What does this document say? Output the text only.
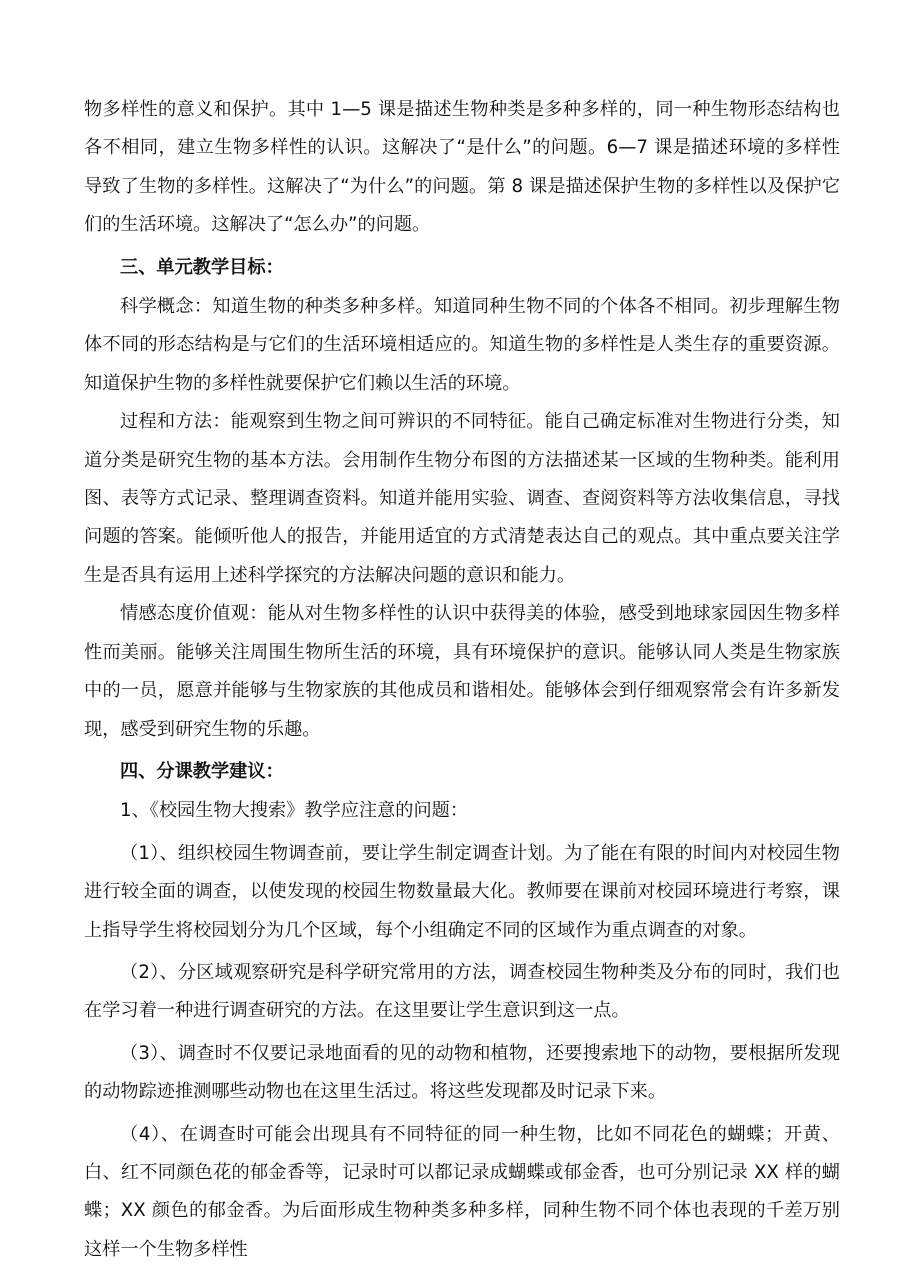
物多样性的意义和保护。其中 1—5 课是描述生物种类是多种多样的，同一种生物形态结构也各不相同，建立生物多样性的认识。这解决了“是什么”的问题。6—7 课是描述环境的多样性导致了生物的多样性。这解决了“为什么”的问题。第 8 课是描述保护生物的多样性以及保护它们的生活环境。这解决了“怎么办”的问题。

三、单元教学目标：

科学概念：知道生物的种类多种多样。知道同种生物不同的个体各不相同。初步理解生物体不同的形态结构是与它们的生活环境相适应的。知道生物的多样性是人类生存的重要资源。知道保护生物的多样性就要保护它们赖以生活的环境。

过程和方法：能观察到生物之间可辨识的不同特征。能自己确定标准对生物进行分类，知道分类是研究生物的基本方法。会用制作生物分布图的方法描述某一区域的生物种类。能利用图、表等方式记录、整理调查资料。知道并能用实验、调查、查阅资料等方法收集信息，寻找问题的答案。能倾听他人的报告，并能用适宜的方式清楚表达自己的观点。其中重点要关注学生是否具有运用上述科学探究的方法解决问题的意识和能力。

情感态度价值观：能从对生物多样性的认识中获得美的体验，感受到地球家园因生物多样性而美丽。能够关注周围生物所生活的环境，具有环境保护的意识。能够认同人类是生物家族中的一员，愿意并能够与生物家族的其他成员和谐相处。能够体会到仔细观察常会有许多新发现，感受到研究生物的乐趣。

四、分课教学建议：

1、《校园生物大搜索》教学应注意的问题：

（1）、组织校园生物调查前，要让学生制定调查计划。为了能在有限的时间内对校园生物进行较全面的调查，以使发现的校园生物数量最大化。教师要在课前对校园环境进行考察，课上指导学生将校园划分为几个区域，每个小组确定不同的区域作为重点调查的对象。

（2）、分区域观察研究是科学研究常用的方法，调查校园生物种类及分布的同时，我们也在学习着一种进行调查研究的方法。在这里要让学生意识到这一点。

（3）、调查时不仅要记录地面看的见的动物和植物，还要搜索地下的动物，要根据所发现的动物踪迹推测哪些动物也在这里生活过。将这些发现都及时记录下来。

（4）、在调查时可能会出现具有不同特征的同一种生物，比如不同花色的蝴蝶；开黄、白、红不同颜色花的郁金香等，记录时可以都记录成蝴蝶或郁金香，也可分别记录 XX 样的蝴蝶；XX 颜色的郁金香。为后面形成生物种类多种多样，同种生物不同个体也表现的千差万别这样一个生物多样性
